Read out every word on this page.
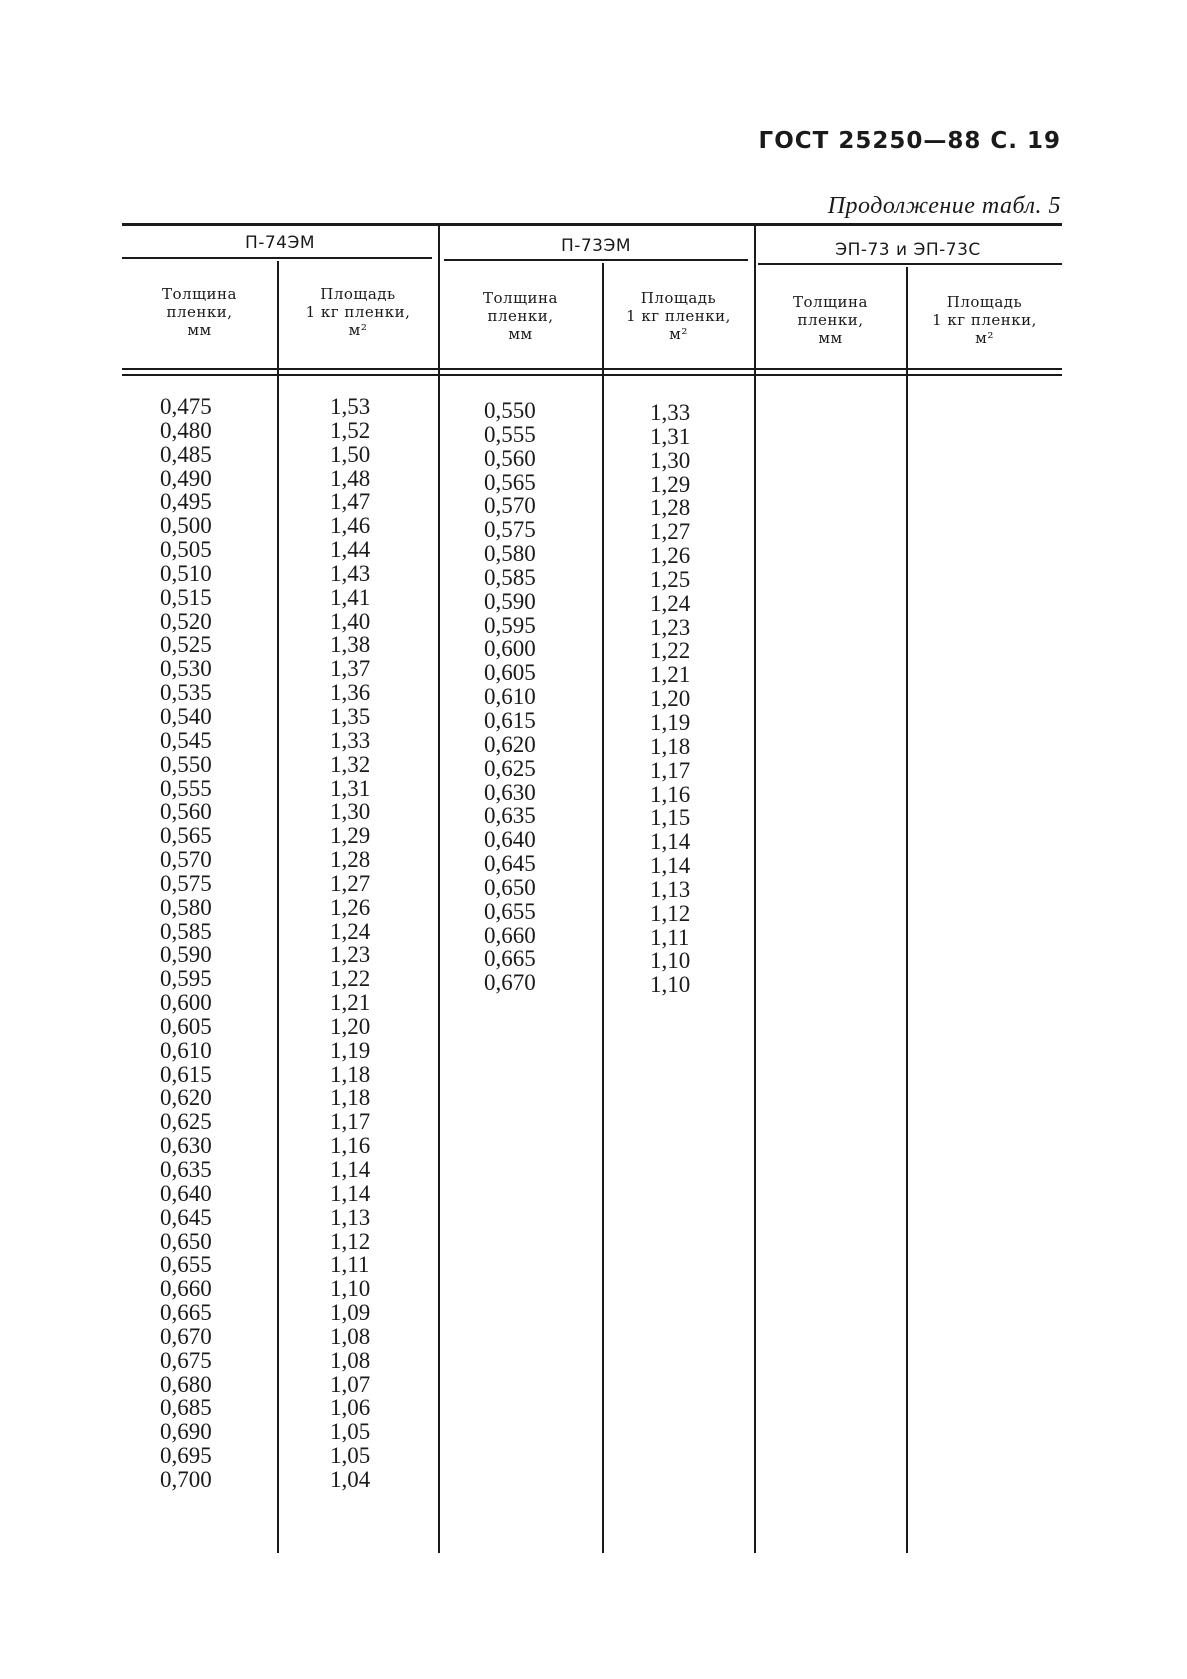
ГОСТ 25250—88 С. 19
Продолжение табл. 5
П-74ЭМ	П-73ЭМ	ЭП-73 и ЭП-73С
Толщина
пленки,
мм
Площадь
1 кг пленки,
м²
Толщина
пленки,
мм
Площадь
1 кг пленки,
м²
Толщина
пленки,
мм
Площадь
1 кг пленки,
м²
0,475
0,480
0,485
0,490
0,495
0,500
0,505
0,510
0,515
0,520
0,525
0,530
0,535
0,540
0,545
0,550
0,555
0,560
0,565
0,570
0,575
0,580
0,585
0,590
0,595
0,600
0,605
0,610
0,615
0,620
0,625
0,630
0,635
0,640
0,645
0,650
0,655
0,660
0,665
0,670
0,675
0,680
0,685
0,690
0,695
0,700
1,53
1,52
1,50
1,48
1,47
1,46
1,44
1,43
1,41
1,40
1,38
1,37
1,36
1,35
1,33
1,32
1,31
1,30
1,29
1,28
1,27
1,26
1,24
1,23
1,22
1,21
1,20
1,19
1,18
1,18
1,17
1,16
1,14
1,14
1,13
1,12
1,11
1,10
1,09
1,08
1,08
1,07
1,06
1,05
1,05
1,04
0,550
0,555
0,560
0,565
0,570
0,575
0,580
0,585
0,590
0,595
0,600
0,605
0,610
0,615
0,620
0,625
0,630
0,635
0,640
0,645
0,650
0,655
0,660
0,665
0,670
1,33
1,31
1,30
1,29
1,28
1,27
1,26
1,25
1,24
1,23
1,22
1,21
1,20
1,19
1,18
1,17
1,16
1,15
1,14
1,14
1,13
1,12
1,11
1,10
1,10
